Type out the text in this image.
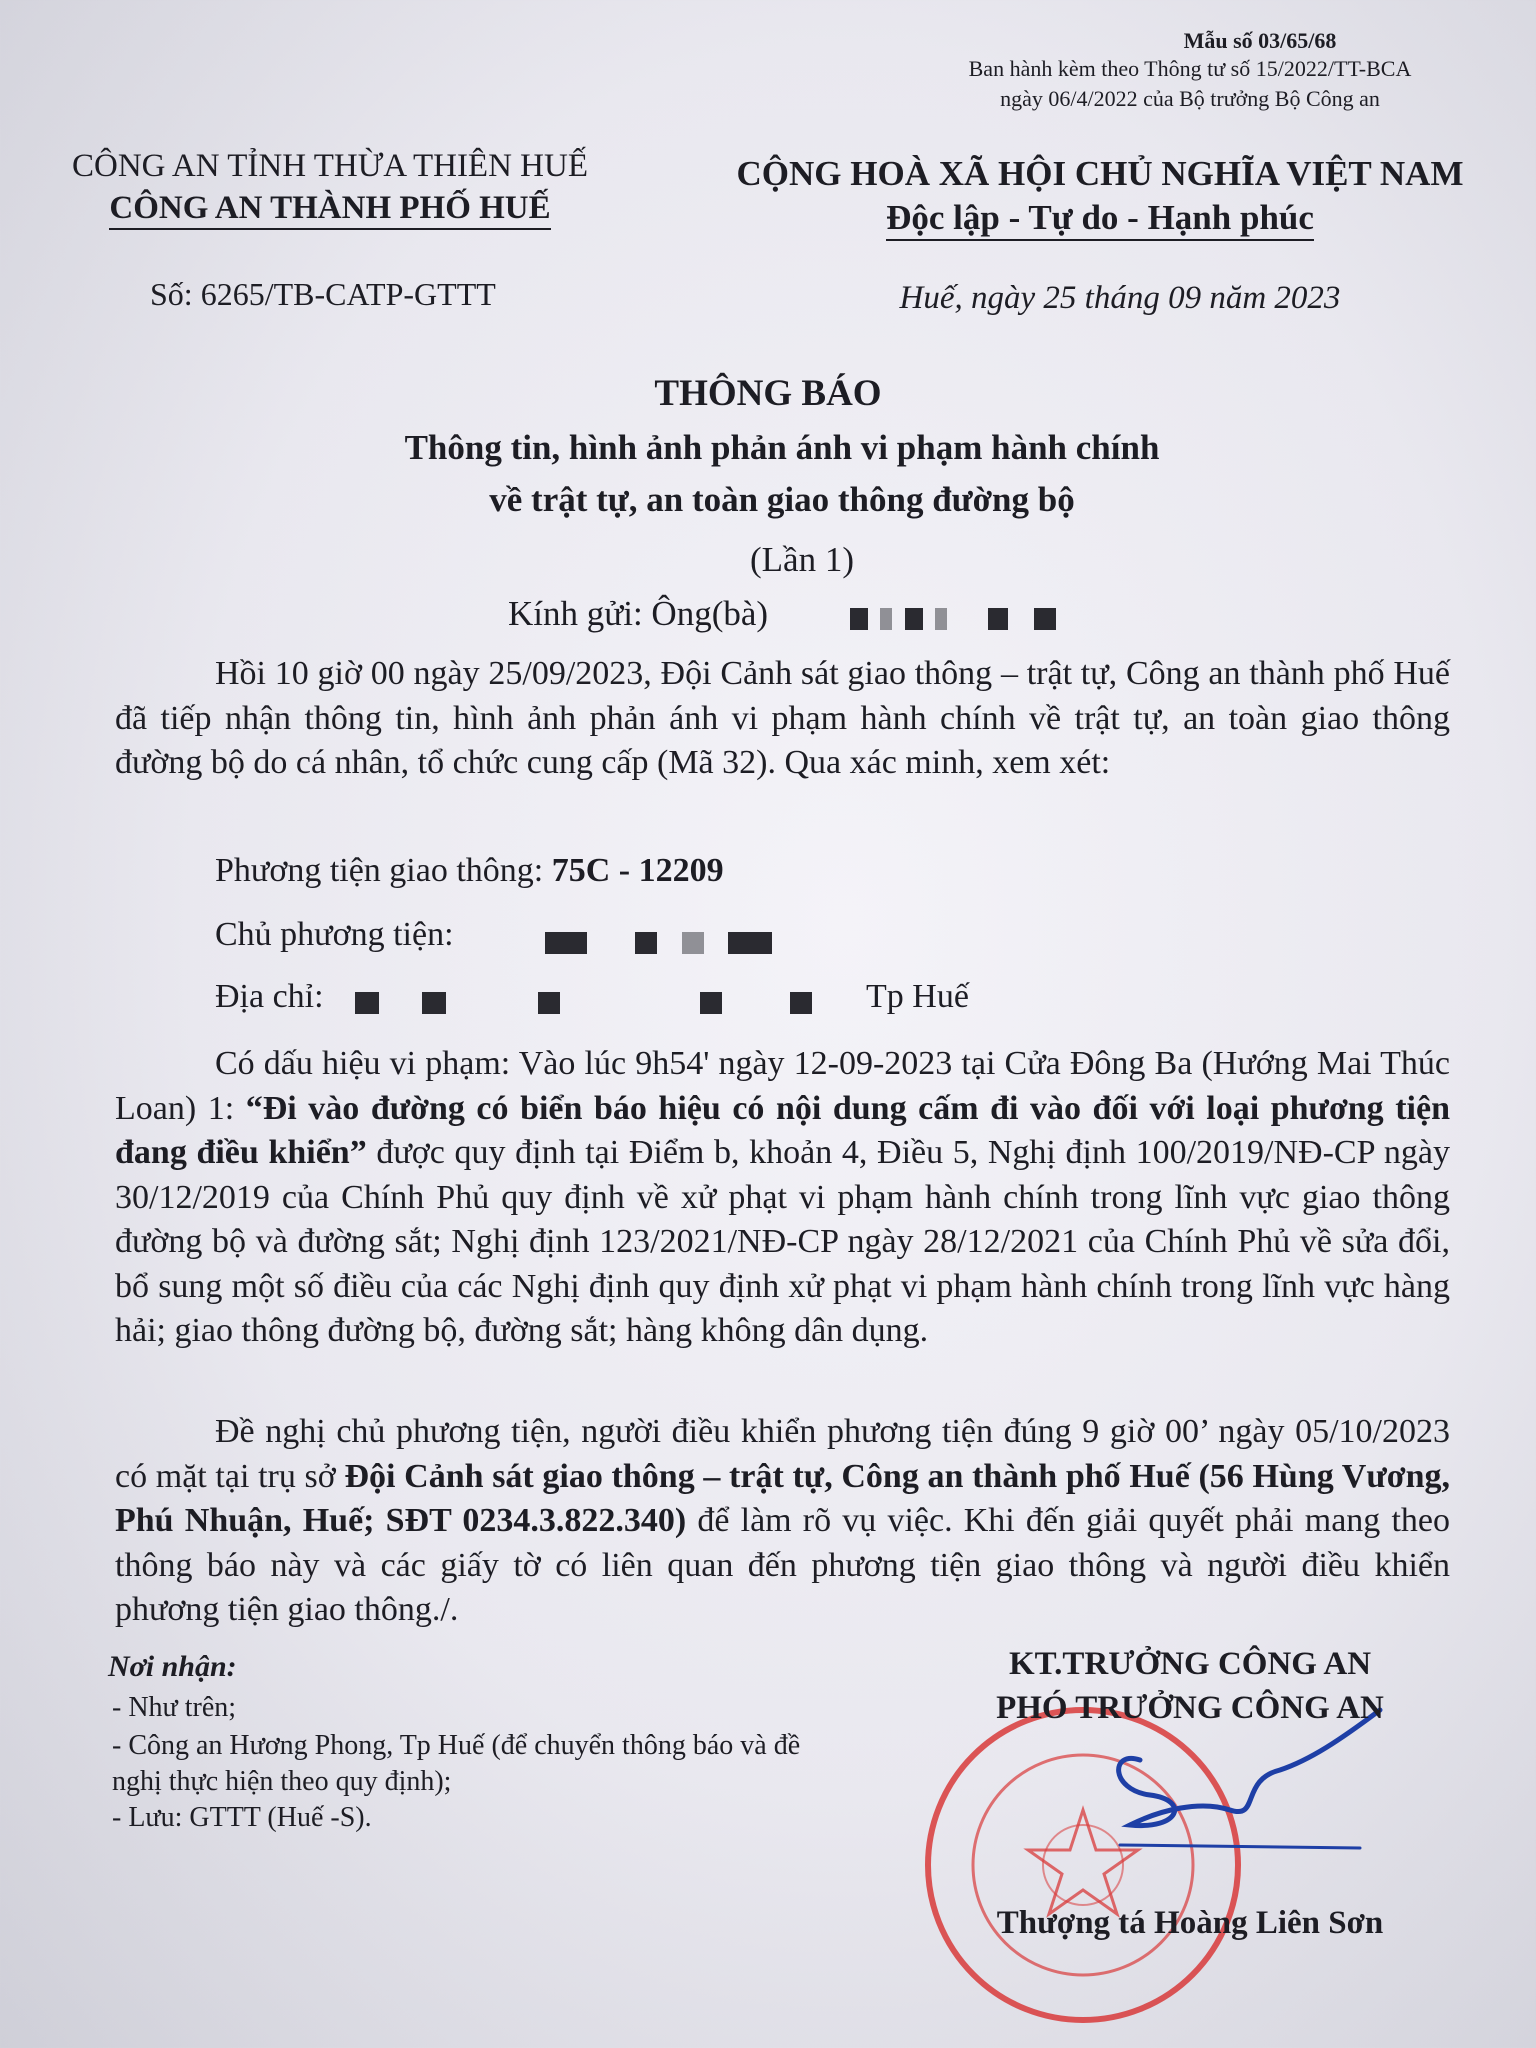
Mẫu số 03/65/68
Ban hành kèm theo Thông tư số 15/2022/TT-BCA
ngày 06/4/2022 của Bộ trưởng Bộ Công an
CÔNG AN TỈNH THỪA THIÊN HUẾ
CÔNG AN THÀNH PHỐ HUẾ
CỘNG HOÀ XÃ HỘI CHỦ NGHĨA VIỆT NAM
Độc lập - Tự do - Hạnh phúc
Số: 6265/TB-CATP-GTTT	Huế, ngày 25 tháng 09 năm 2023
THÔNG BÁO
Thông tin, hình ảnh phản ánh vi phạm hành chính
về trật tự, an toàn giao thông đường bộ
(Lần 1)
Kính gửi: Ông(bà)
Hồi 10 giờ 00 ngày 25/09/2023, Đội Cảnh sát giao thông – trật tự, Công an thành phố Huế đã tiếp nhận thông tin, hình ảnh phản ánh vi phạm hành chính về trật tự, an toàn giao thông đường bộ do cá nhân, tổ chức cung cấp (Mã 32). Qua xác minh, xem xét:
Phương tiện giao thông: 75C - 12209
Chủ phương tiện:
Địa chỉ:	Tp Huế
Có dấu hiệu vi phạm: Vào lúc 9h54' ngày 12-09-2023 tại Cửa Đông Ba (Hướng Mai Thúc Loan) 1: “Đi vào đường có biển báo hiệu có nội dung cấm đi vào đối với loại phương tiện đang điều khiển” được quy định tại Điểm b, khoản 4, Điều 5, Nghị định 100/2019/NĐ-CP ngày 30/12/2019 của Chính Phủ quy định về xử phạt vi phạm hành chính trong lĩnh vực giao thông đường bộ và đường sắt; Nghị định 123/2021/NĐ-CP ngày 28/12/2021 của Chính Phủ về sửa đổi, bổ sung một số điều của các Nghị định quy định xử phạt vi phạm hành chính trong lĩnh vực hàng hải; giao thông đường bộ, đường sắt; hàng không dân dụng.
Đề nghị chủ phương tiện, người điều khiển phương tiện đúng 9 giờ 00’ ngày 05/10/2023 có mặt tại trụ sở Đội Cảnh sát giao thông – trật tự, Công an thành phố Huế (56 Hùng Vương, Phú Nhuận, Huế; SĐT 0234.3.822.340) để làm rõ vụ việc. Khi đến giải quyết phải mang theo thông báo này và các giấy tờ có liên quan đến phương tiện giao thông và người điều khiển phương tiện giao thông./.
Nơi nhận:
- Như trên;
- Công an Hương Phong, Tp Huế (để chuyển thông báo và đề nghị thực hiện theo quy định);
- Lưu: GTTT (Huế -S).
KT.TRƯỞNG CÔNG AN
PHÓ TRƯỞNG CÔNG AN
Thượng tá Hoàng Liên Sơn
